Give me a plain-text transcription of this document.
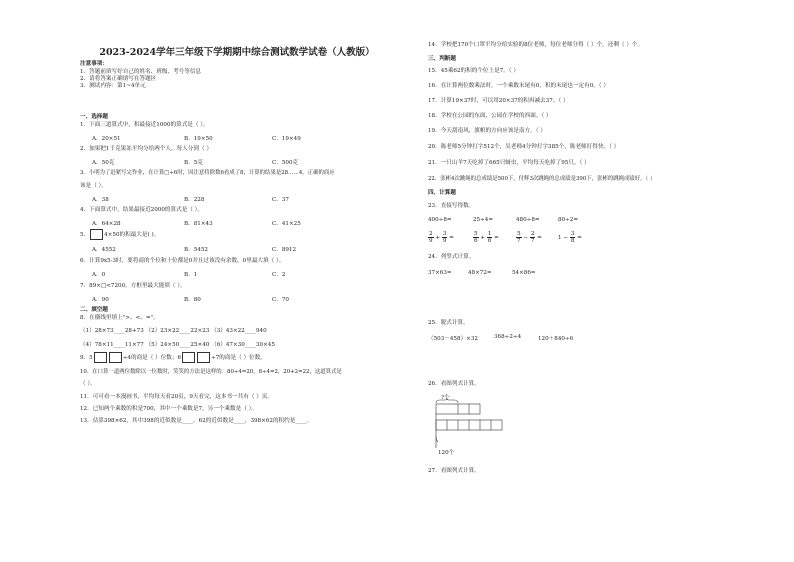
2023-2024学年三年级下学期期中综合测试数学试卷（人教版）
注意事项：
1．答题前填写好自己的姓名、班级、考号等信息
2．请将答案正确填写在答题区
3．测试内容：第1~4单元
一、选择题
1．下面三道算式中，积最接近1000的算式是（ ）。
A．20×51	B．19×50	C．19×49
2．加果把1千克果冻平均分给两个人，每人分到（ ）
A．50克	B．5克	C．500克
3．小明为了赶紧写完作业，在计算□÷6时，因注意将除数6看成了8，计算的结果是28……4，正确的商应
该是（ ）。
A．38	B．228	C．37
4．下面算式中，结果最接近2000的算式是（ ）。
A．64×28	B．81×43	C．41×25
5．	4×50的积最大是( )。
A．4552	B．5452	C．8912
6．计算9x5-3时，要将商的个位和十位都是0并且过该没有余数，0里最大填（ ）。
A．0	B．1	C．2
7．89×□<7200，方框里最大能填（ ）。
A．90	B．80	C．70
二、填空题
8．在横线里填上">、<、="。
（1）28×73____28+73 （2）23×22____22×23 （3）43×22____940
（4）78×11____11×77 （5）24×50____25×40 （6）47×30____30×45
9．5	÷4的商是（ ）位数；6	÷7的商是（ ）位数。
10．在口算一道两位数除以一位数时，笑笑的方法是这样的：80÷4=20，8÷4=2，20+2=22，这道算式是
（ ）。
11．可可看一本漫画书，平均每天看20页，9天看完，这本书一共有（ ）页。
12．已知两个乘数的积是700，其中一个乘数是7，另一个乘数是（ ）。
13．估算398×62，其中398的近似数是____，62的近似数是____，398×62的积约是____。
14．学校把170个口罩平均分给实验的8位老师，每位老师分得（ ）个，还剩（ ）个。
三、判断题
15．45乘62的积的个位上是7。（ ）
16．在计算两位数乘法时，一个乘数末尾有0，积的末尾也一定有0。（ ）
17．计算19×37时，可以用20×37的积再减去37。（ ）
18．学校在公园的东面，公园在学校的西面。（ ）
19．今天刮南风，旗帜的方向应该是南方。（ ）
20．陈老师5分钟打字512个，吴老师4分钟打字385个，陈老师打得快。（ ）
21．一只山羊7天吃掉了665只蚜虫，平均每天吃掉了95只。（ ）
22．张彬4次跳绳的总成绩是500下，付辉3次跳绳的总成绩是390下，张彬的跳绳成绩好。（ ）
四、计算题
23．直接写得数。
400÷8=	25÷4=	480÷8=	80÷2=
$\frac{2}{9} + \frac{3}{9}$ =	$\frac{5}{6} + \frac{1}{6}$ =	$\frac{5}{7} - \frac{2}{7}$ =	$1 - \frac{3}{8}$ =
24．列竖式计算。
37×63=	48×72=	54×86=
25．脱式计算。
（503－458）×32	368÷2÷4	120＋840÷6
26．看图列式计算。
?个
120个
27．看图列式计算。
